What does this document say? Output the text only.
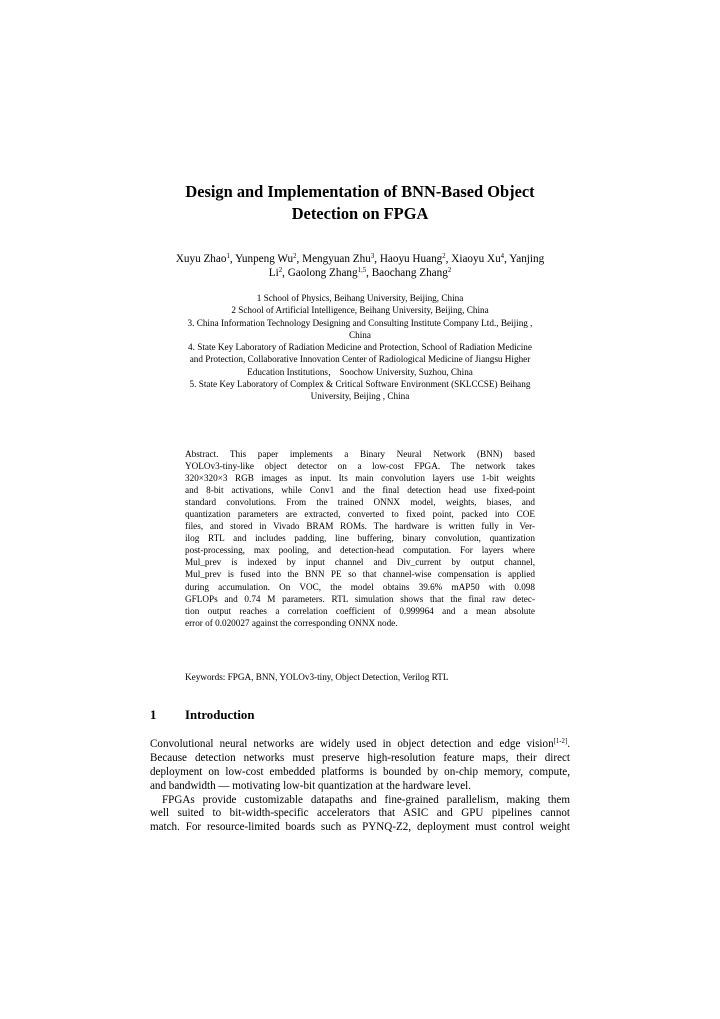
Design and Implementation of BNN-Based Object
Detection on FPGA
Xuyu Zhao$^1$, Yunpeng Wu$^2$, Mengyuan Zhu$^3$, Haoyu Huang$^2$, Xiaoyu Xu$^4$, Yanjing
Li$^2$, Gaolong Zhang$^{1,5}$, Baochang Zhang$^2$
1 School of Physics, Beihang University, Beijing, China
2 School of Artificial Intelligence, Beihang University, Beijing, China
3. China Information Technology Designing and Consulting Institute Company Ltd., Beijing ,
China
4. State Key Laboratory of Radiation Medicine and Protection, School of Radiation Medicine
and Protection, Collaborative Innovation Center of Radiological Medicine of Jiangsu Higher
Education Institutions， Soochow University, Suzhou, China
5. State Key Laboratory of Complex & Critical Software Environment (SKLCCSE) Beihang
University, Beijing , China
Abstract. This paper implements a Binary Neural Network (BNN) based
YOLOv3-tiny-like object detector on a low-cost FPGA. The network takes
320×320×3 RGB images as input. Its main convolution layers use 1-bit weights
and 8-bit activations, while Conv1 and the final detection head use fixed-point
standard convolutions. From the trained ONNX model, weights, biases, and
quantization parameters are extracted, converted to fixed point, packed into COE
files, and stored in Vivado BRAM ROMs. The hardware is written fully in Ver-
ilog RTL and includes padding, line buffering, binary convolution, quantization
post-processing, max pooling, and detection-head computation. For layers where
Mul_prev is indexed by input channel and Div_current by output channel,
Mul_prev is fused into the BNN PE so that channel-wise compensation is applied
during accumulation. On VOC, the model obtains 39.6% mAP50 with 0.098
GFLOPs and 0.74 M parameters. RTL simulation shows that the final raw detec-
tion output reaches a correlation coefficient of 0.999964 and a mean absolute
error of 0.020027 against the corresponding ONNX node.
Keywords: FPGA, BNN, YOLOv3-tiny, Object Detection, Verilog RTL
1 Introduction
Convolutional neural networks are widely used in object detection and edge vision[1-2].
Because detection networks must preserve high-resolution feature maps, their direct
deployment on low-cost embedded platforms is bounded by on-chip memory, compute,
and bandwidth — motivating low-bit quantization at the hardware level.
FPGAs provide customizable datapaths and fine-grained parallelism, making them
well suited to bit-width-specific accelerators that ASIC and GPU pipelines cannot
match. For resource-limited boards such as PYNQ-Z2, deployment must control weight
